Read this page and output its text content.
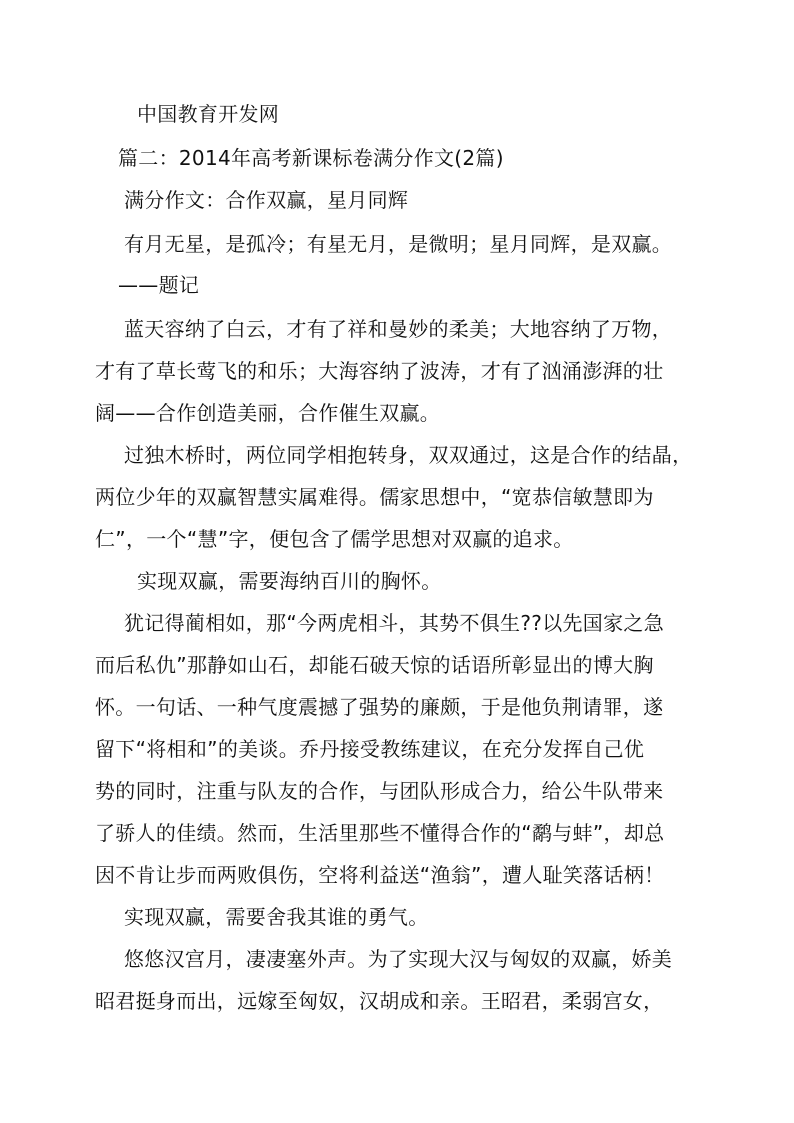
中国教育开发网
篇二：2014年高考新课标卷满分作文(2篇)
满分作文：合作双赢，星月同辉
有月无星，是孤冷；有星无月，是微明；星月同辉，是双赢。
——题记
蓝天容纳了白云，才有了祥和曼妙的柔美；大地容纳了万物，
才有了草长莺飞的和乐；大海容纳了波涛，才有了汹涌澎湃的壮
阔——合作创造美丽，合作催生双赢。
过独木桥时，两位同学相抱转身，双双通过，这是合作的结晶，
两位少年的双赢智慧实属难得。儒家思想中，“宽恭信敏慧即为
仁”，一个“慧”字，便包含了儒学思想对双赢的追求。
实现双赢，需要海纳百川的胸怀。
犹记得蔺相如，那“今两虎相斗，其势不俱生??以先国家之急
而后私仇”那静如山石，却能石破天惊的话语所彰显出的博大胸
怀。一句话、一种气度震撼了强势的廉颇，于是他负荆请罪，遂
留下“将相和”的美谈。乔丹接受教练建议，在充分发挥自己优
势的同时，注重与队友的合作，与团队形成合力，给公牛队带来
了骄人的佳绩。然而，生活里那些不懂得合作的“鹬与蚌”，却总
因不肯让步而两败俱伤，空将利益送“渔翁”，遭人耻笑落话柄！
实现双赢，需要舍我其谁的勇气。
悠悠汉宫月，凄凄塞外声。为了实现大汉与匈奴的双赢，娇美
昭君挺身而出，远嫁至匈奴，汉胡成和亲。王昭君，柔弱宫女，
